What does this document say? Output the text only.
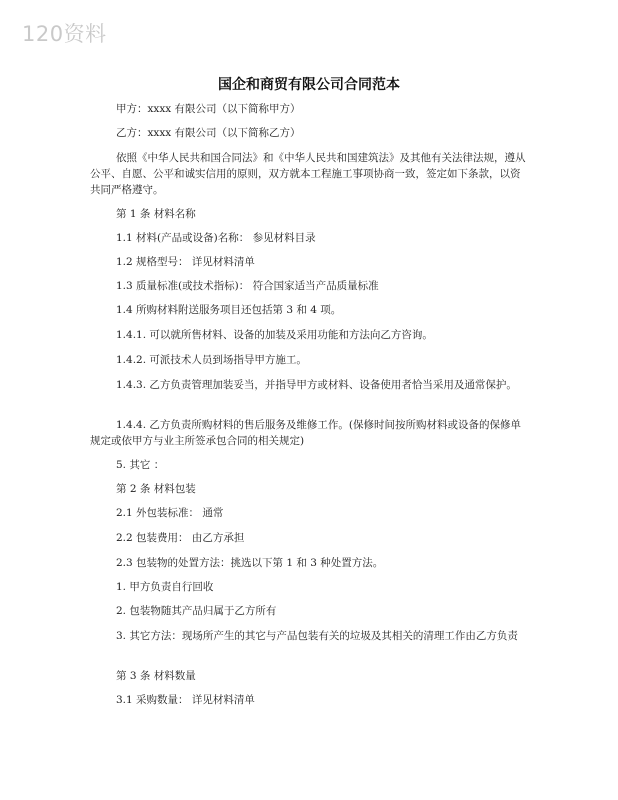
120资料
国企和商贸有限公司合同范本
甲方：xxxx 有限公司（以下简称甲方）
乙方：xxxx 有限公司（以下简称乙方）
依照《中华人民共和国合同法》和《中华人民共和国建筑法》及其他有关法律法规，遵从公平、自愿、公平和诚实信用的原则，双方就本工程施工事项协商一致，签定如下条款，以资共同严格遵守。
第 1 条 材料名称
1.1 材料(产品或设备)名称： 参见材料目录
1.2 规格型号： 详见材料清单
1.3 质量标准(或技术指标)： 符合国家适当产品质量标准
1.4 所购材料附送服务项目还包括第 3 和 4 项。
1.4.1. 可以就所售材料、设备的加装及采用功能和方法向乙方咨询。
1.4.2. 可派技术人员到场指导甲方施工。
1.4.3. 乙方负责管理加装妥当，并指导甲方或材料、设备使用者恰当采用及通常保护。
1.4.4. 乙方负责所购材料的售后服务及维修工作。(保修时间按所购材料或设备的保修单规定或依甲方与业主所签承包合同的相关规定)
5. 其它 ：
第 2 条 材料包装
2.1 外包装标准： 通常
2.2 包装费用： 由乙方承担
2.3 包装物的处置方法：挑选以下第 1 和 3 种处置方法。
1. 甲方负责自行回收
2. 包装物随其产品归属于乙方所有
3. 其它方法：现场所产生的其它与产品包装有关的垃圾及其相关的清理工作由乙方负责
第 3 条 材料数量
3.1 采购数量： 详见材料清单
